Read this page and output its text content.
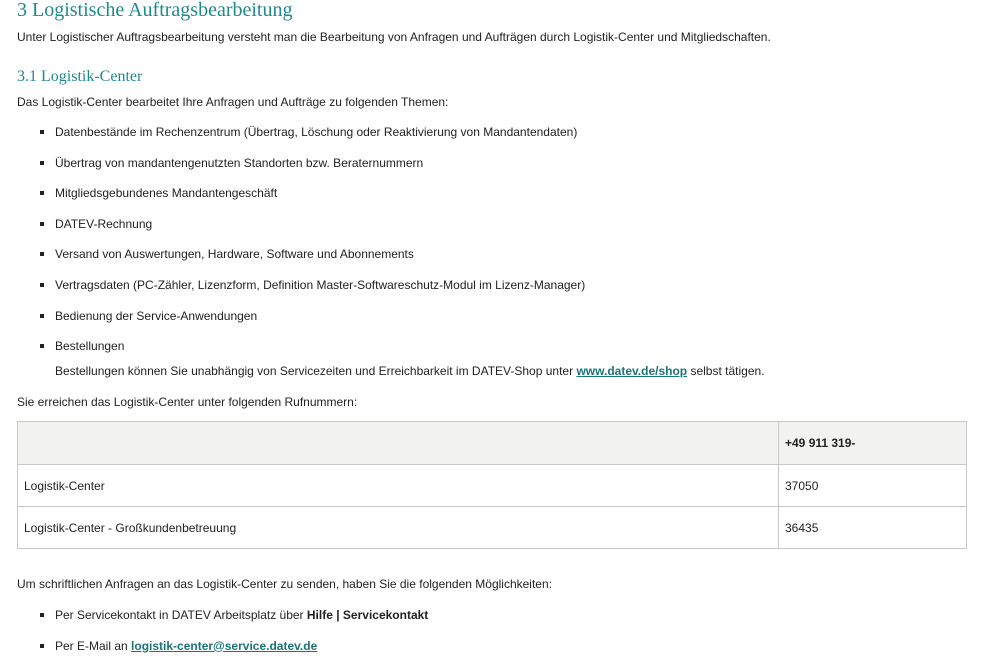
3 Logistische Auftragsbearbeitung
Unter Logistischer Auftragsbearbeitung versteht man die Bearbeitung von Anfragen und Aufträgen durch Logistik-Center und Mitgliedschaften.
3.1 Logistik-Center
Das Logistik-Center bearbeitet Ihre Anfragen und Aufträge zu folgenden Themen:
Datenbestände im Rechenzentrum (Übertrag, Löschung oder Reaktivierung von Mandantendaten)
Übertrag von mandantengenutzten Standorten bzw. Beraternummern
Mitgliedsgebundenes Mandantengeschäft
DATEV-Rechnung
Versand von Auswertungen, Hardware, Software und Abonnements
Vertragsdaten (PC-Zähler, Lizenzform, Definition Master-Softwareschutz-Modul im Lizenz-Manager)
Bedienung der Service-Anwendungen
Bestellungen
Bestellungen können Sie unabhängig von Servicezeiten und Erreichbarkeit im DATEV-Shop unter www.datev.de/shop selbst tätigen.
Sie erreichen das Logistik-Center unter folgenden Rufnummern:
	+49 911 319-
Logistik-Center	37050
Logistik-Center - Großkundenbetreuung	36435
Um schriftlichen Anfragen an das Logistik-Center zu senden, haben Sie die folgenden Möglichkeiten:
Per Servicekontakt in DATEV Arbeitsplatz über Hilfe | Servicekontakt
Per E-Mail an logistik-center@service.datev.de
